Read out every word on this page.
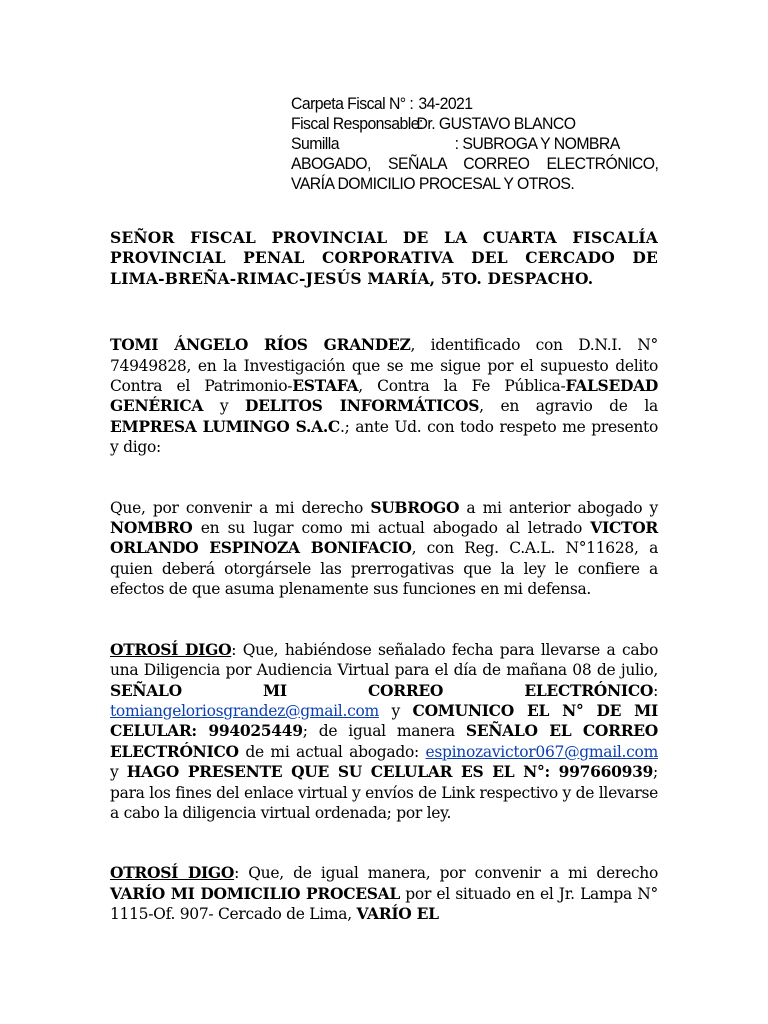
Carpeta Fiscal N° : 34-2021
Fiscal Responsable:Dr. GUSTAVO BLANCO
Sumilla	: SUBROGA Y NOMBRA
ABOGADO, SEÑALA CORREO ELECTRÓNICO,
VARÍA DOMICILIO PROCESAL Y OTROS.

SEÑOR FISCAL PROVINCIAL DE LA CUARTA FISCALÍA PROVINCIAL PENAL CORPORATIVA DEL CERCADO DE LIMA-BREÑA-RIMAC-JESÚS MARÍA, 5TO. DESPACHO.

TOMI ÁNGELO RÍOS GRANDEZ, identificado con D.N.I. N° 74949828, en la Investigación que se me sigue por el supuesto delito Contra el Patrimonio-ESTAFA, Contra la Fe Pública-FALSEDAD GENÉRICA y DELITOS INFORMÁTICOS, en agravio de la EMPRESA LUMINGO S.A.C.; ante Ud. con todo respeto me presento y digo:

Que, por convenir a mi derecho SUBROGO a mi anterior abogado y NOMBRO en su lugar como mi actual abogado al letrado VICTOR ORLANDO ESPINOZA BONIFACIO, con Reg. C.A.L. N°11628, a quien deberá otorgársele las prerrogativas que la ley le confiere a efectos de que asuma plenamente sus funciones en mi defensa.

OTROSÍ DIGO: Que, habiéndose señalado fecha para llevarse a cabo una Diligencia por Audiencia Virtual para el día de mañana 08 de julio, SEÑALO MI CORREO ELECTRÓNICO: tomiangeloriosgrandez@gmail.com y COMUNICO EL N° DE MI CELULAR: 994025449; de igual manera SEÑALO EL CORREO ELECTRÓNICO de mi actual abogado: espinozavictor067@gmail.com y HAGO PRESENTE QUE SU CELULAR ES EL N°: 997660939; para los fines del enlace virtual y envíos de Link respectivo y de llevarse a cabo la diligencia virtual ordenada; por ley.

OTROSÍ DIGO: Que, de igual manera, por convenir a mi derecho VARÍO MI DOMICILIO PROCESAL por el situado en el Jr. Lampa N° 1115-Of. 907- Cercado de Lima, VARÍO EL
